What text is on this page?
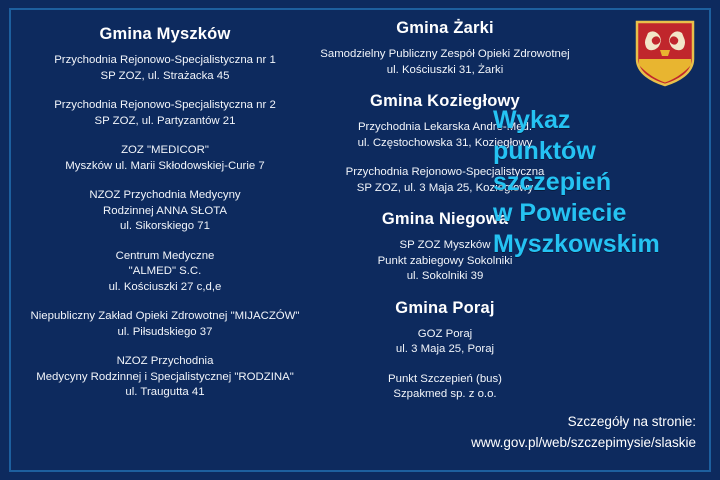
Gmina Myszków
Przychodnia Rejonowo-Specjalistyczna nr 1
SP ZOZ, ul. Strażacka 45
Przychodnia Rejonowo-Specjalistyczna nr 2
SP ZOZ, ul. Partyzantów 21
ZOZ "MEDICOR"
Myszków ul. Marii Skłodowskiej-Curie 7
NZOZ Przychodnia Medycyny
Rodzinnej ANNA SŁOTA
ul. Sikorskiego 71
Centrum Medyczne
"ALMED" S.C.
ul. Kościuszki 27 c,d,e
Niepubliczny Zakład Opieki Zdrowotnej "MIJACZÓW"
ul. Piłsudskiego 37
NZOZ Przychodnia
Medycyny Rodzinnej i Specjalistycznej "RODZINA"
ul. Traugutta 41
Gmina Żarki
Samodzielny Publiczny Zespół Opieki Zdrowotnej
ul. Kościuszki 31, Żarki
Gmina Koziegłowy
Przychodnia Lekarska Andre-Med.
ul. Częstochowska 31, Koziegłowy
Przychodnia Rejonowo-Specjalistyczna
SP ZOZ, ul. 3 Maja 25, Koziegłowy
Gmina Niegowa
SP ZOZ Myszków
Punkt zabiegowy Sokolniki
ul. Sokolniki 39
Gmina Poraj
GOZ Poraj
ul. 3 Maja 25, Poraj
Punkt Szczepień (bus)
Szpakmed sp. z o.o.
Wykaz
punktów
szczepień
w Powiecie
Myszkowskim
Szczegóły na stronie:
www.gov.pl/web/szczepimysie/slaskie
